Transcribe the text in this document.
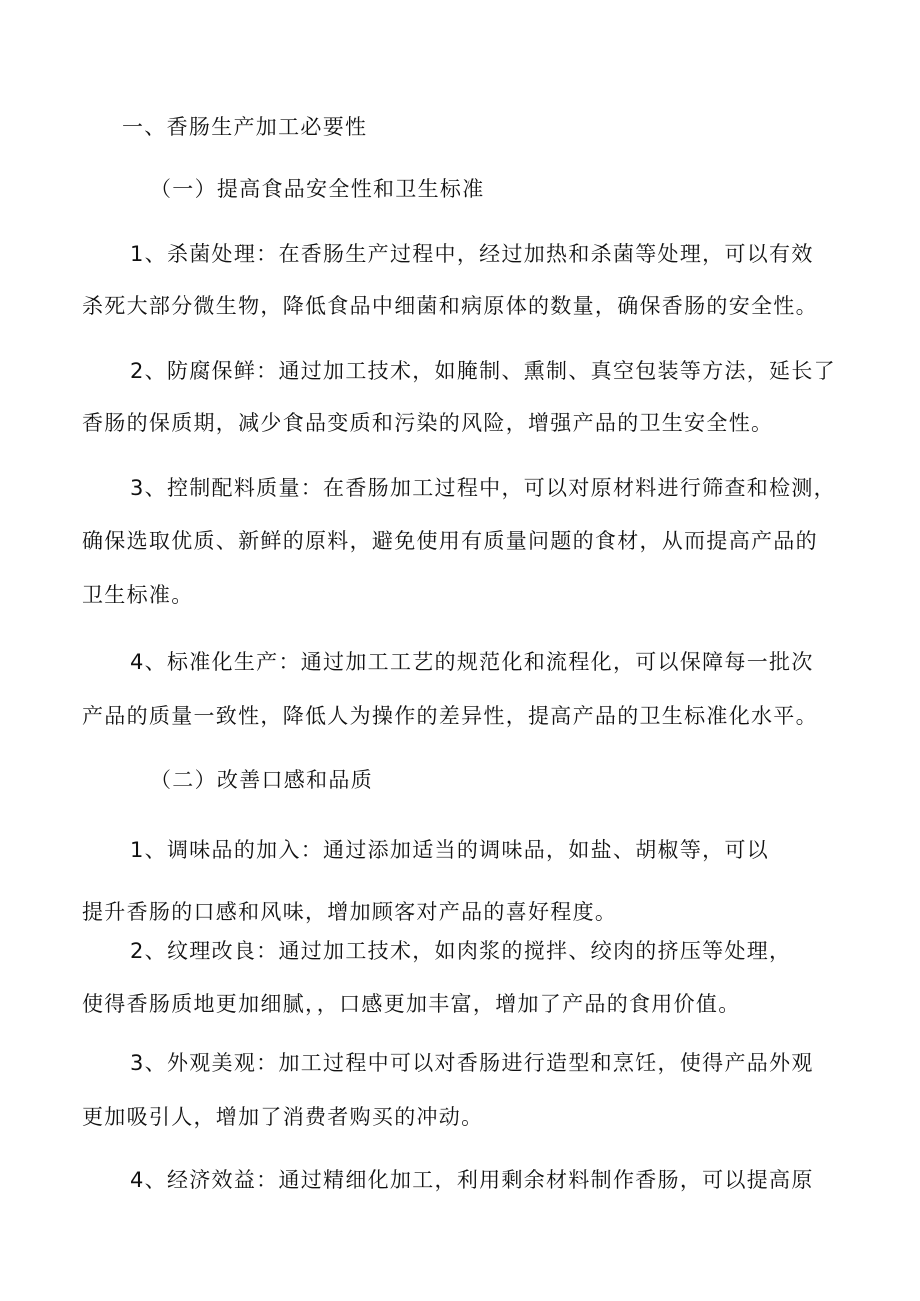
一、香肠生产加工必要性
（一）提高食品安全性和卫生标准
1、杀菌处理：在香肠生产过程中，经过加热和杀菌等处理，可以有效
杀死大部分微生物，降低食品中细菌和病原体的数量，确保香肠的安全性。
2、防腐保鲜：通过加工技术，如腌制、熏制、真空包装等方法，延长了
香肠的保质期，减少食品变质和污染的风险，增强产品的卫生安全性。
3、控制配料质量：在香肠加工过程中，可以对原材料进行筛查和检测，
确保选取优质、新鲜的原料，避免使用有质量问题的食材，从而提高产品的
卫生标准。
4、标准化生产：通过加工工艺的规范化和流程化，可以保障每一批次
产品的质量一致性，降低人为操作的差异性，提高产品的卫生标准化水平。
（二）改善口感和品质
1、调味品的加入：通过添加适当的调味品，如盐、胡椒等，可以
提升香肠的口感和风味，增加顾客对产品的喜好程度。
2、纹理改良：通过加工技术，如肉浆的搅拌、绞肉的挤压等处理，
使得香肠质地更加细腻，，口感更加丰富，增加了产品的食用价值。
3、外观美观：加工过程中可以对香肠进行造型和烹饪，使得产品外观
更加吸引人，增加了消费者购买的冲动。
4、经济效益：通过精细化加工，利用剩余材料制作香肠，可以提高原
